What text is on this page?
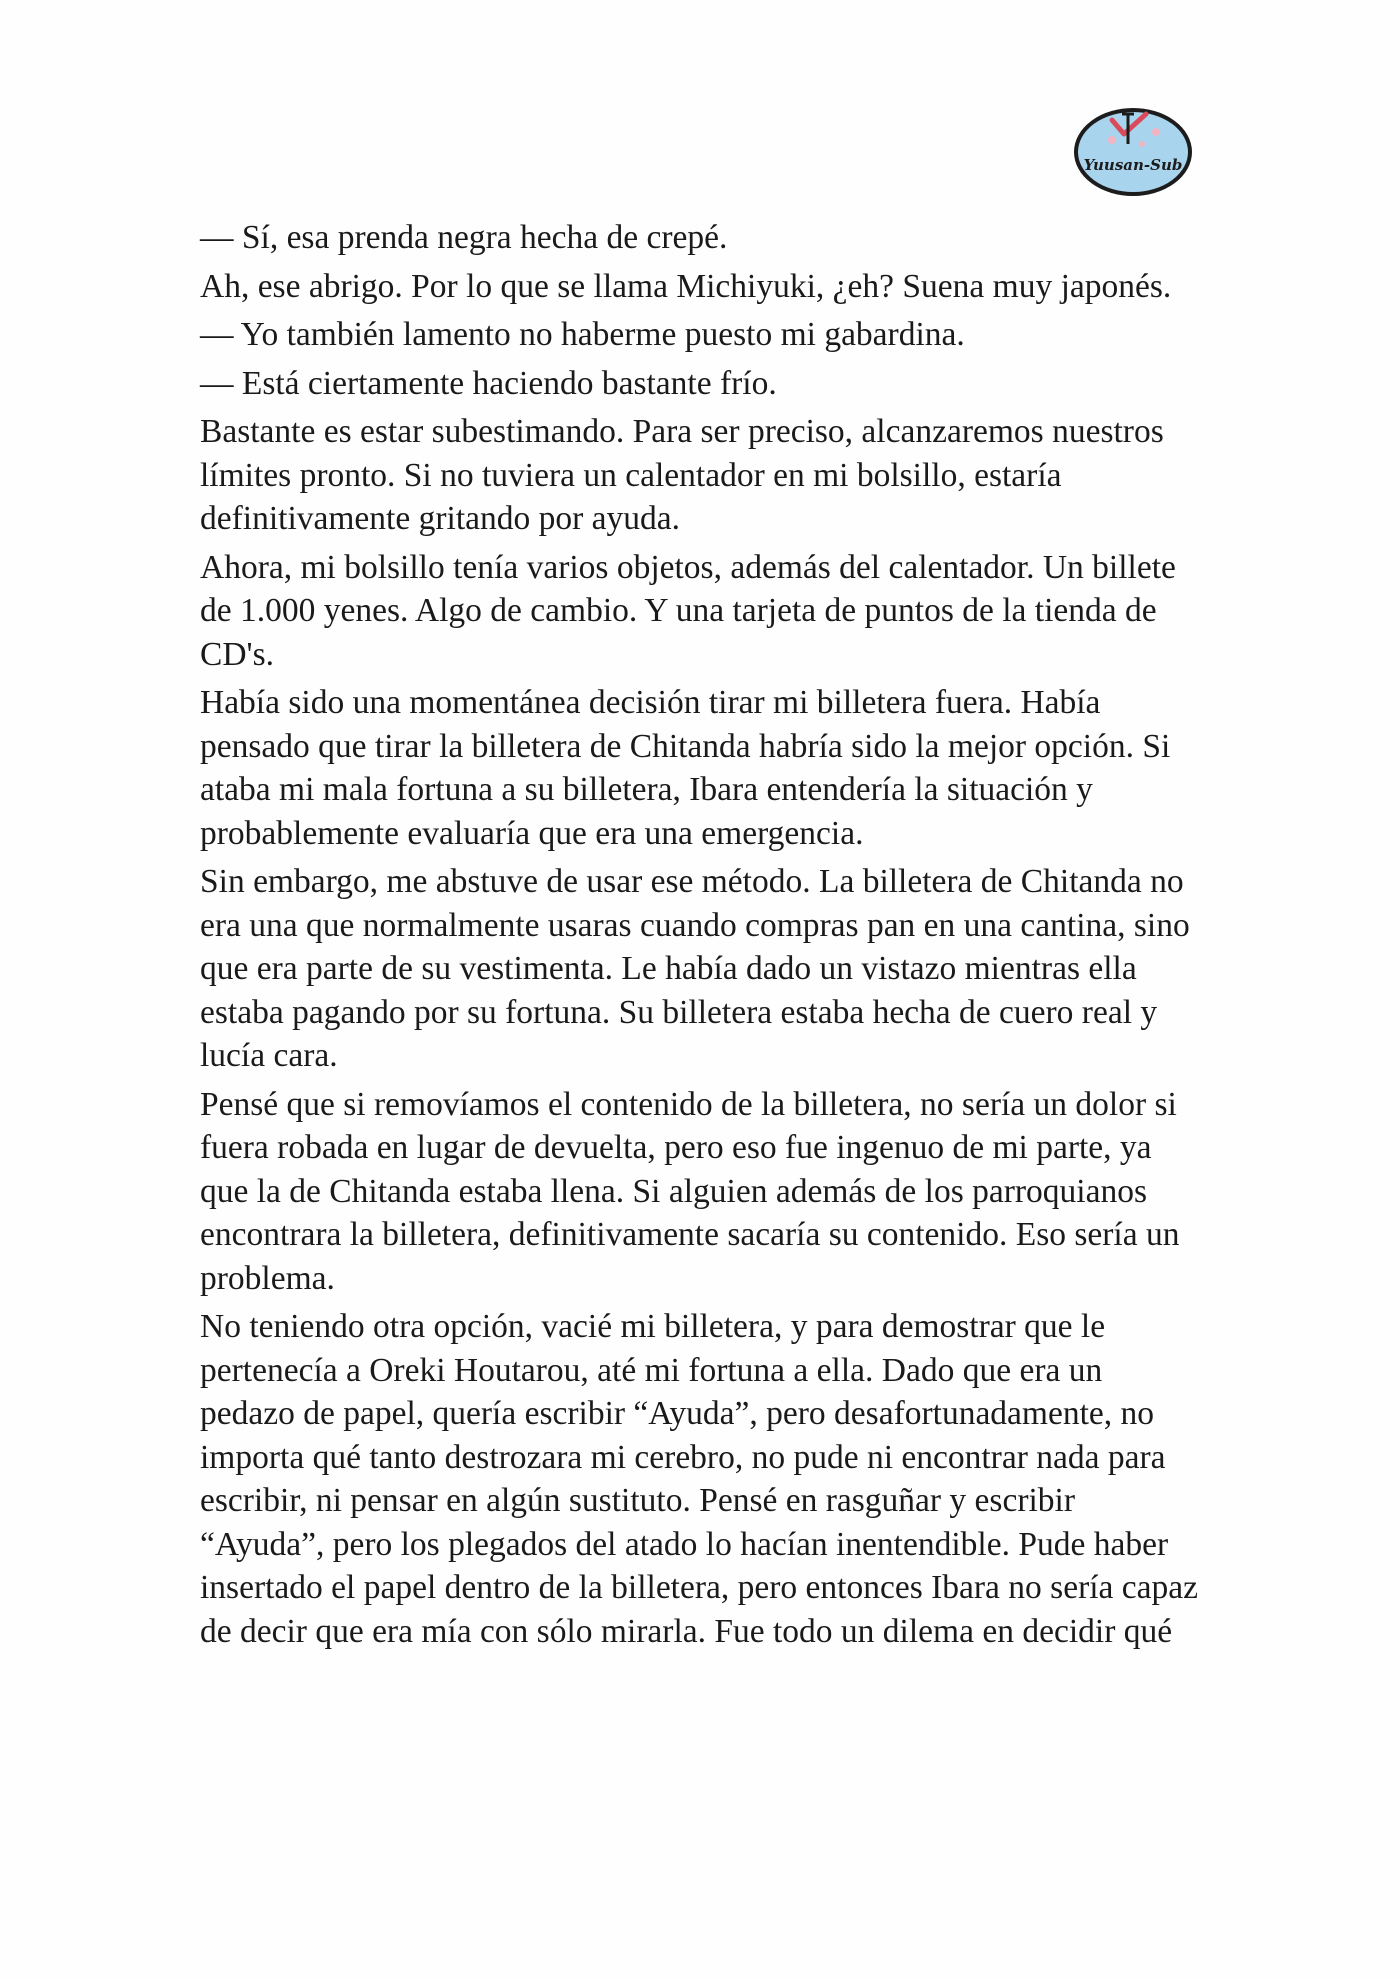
Yuusan-Sub

— Sí, esa prenda negra hecha de crepé.

Ah, ese abrigo. Por lo que se llama Michiyuki, ¿eh? Suena muy japonés.

— Yo también lamento no haberme puesto mi gabardina.

— Está ciertamente haciendo bastante frío.

Bastante es estar subestimando. Para ser preciso, alcanzaremos nuestros límites pronto. Si no tuviera un calentador en mi bolsillo, estaría definitivamente gritando por ayuda.

Ahora, mi bolsillo tenía varios objetos, además del calentador. Un billete de 1.000 yenes. Algo de cambio. Y una tarjeta de puntos de la tienda de CD's.

Había sido una momentánea decisión tirar mi billetera fuera. Había pensado que tirar la billetera de Chitanda habría sido la mejor opción. Si ataba mi mala fortuna a su billetera, Ibara entendería la situación y probablemente evaluaría que era una emergencia.

Sin embargo, me abstuve de usar ese método. La billetera de Chitanda no era una que normalmente usaras cuando compras pan en una cantina, sino que era parte de su vestimenta. Le había dado un vistazo mientras ella estaba pagando por su fortuna. Su billetera estaba hecha de cuero real y lucía cara.

Pensé que si removíamos el contenido de la billetera, no sería un dolor si fuera robada en lugar de devuelta, pero eso fue ingenuo de mi parte, ya que la de Chitanda estaba llena. Si alguien además de los parroquianos encontrara la billetera, definitivamente sacaría su contenido. Eso sería un problema.

No teniendo otra opción, vacié mi billetera, y para demostrar que le pertenecía a Oreki Houtarou, até mi fortuna a ella. Dado que era un pedazo de papel, quería escribir “Ayuda”, pero desafortunadamente, no importa qué tanto destrozara mi cerebro, no pude ni encontrar nada para escribir, ni pensar en algún sustituto. Pensé en rasguñar y escribir “Ayuda”, pero los plegados del atado lo hacían inentendible. Pude haber insertado el papel dentro de la billetera, pero entonces Ibara no sería capaz de decir que era mía con sólo mirarla. Fue todo un dilema en decidir qué
